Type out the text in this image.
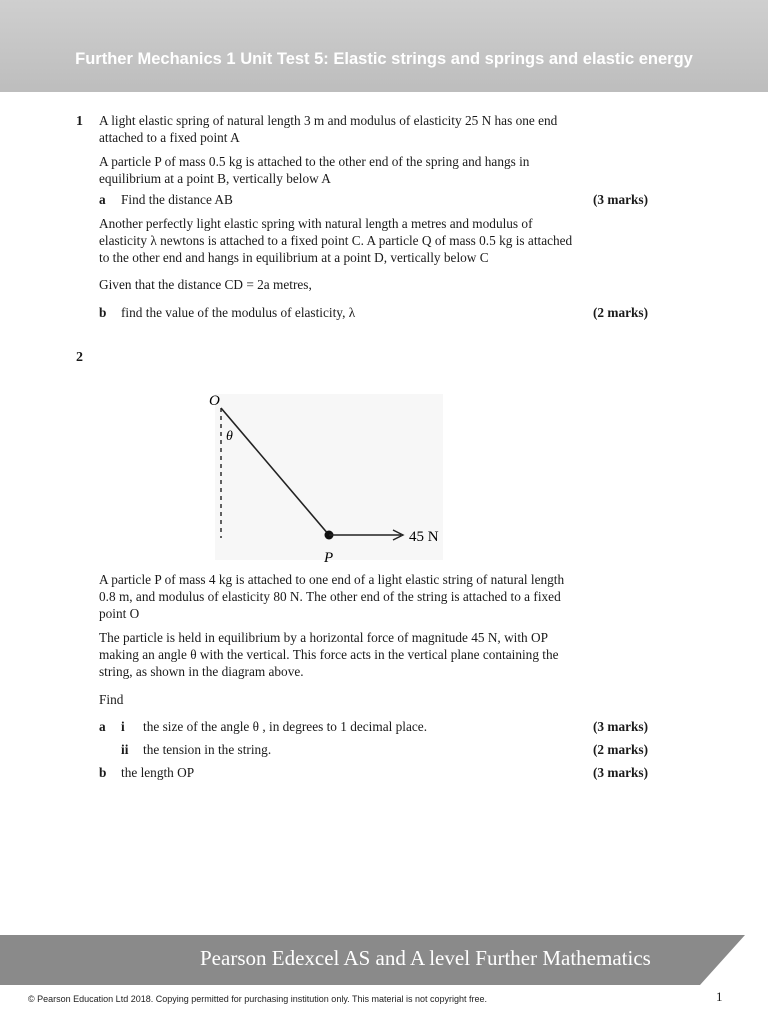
Further Mechanics 1 Unit Test 5: Elastic strings and springs and elastic energy
1 A light elastic spring of natural length 3 m and modulus of elasticity 25 N has one end attached to a fixed point A
A particle P of mass 0.5 kg is attached to the other end of the spring and hangs in equilibrium at a point B, vertically below A
a Find the distance AB	(3 marks)
Another perfectly light elastic spring with natural length a metres and modulus of elasticity λ newtons is attached to a fixed point C. A particle Q of mass 0.5 kg is attached to the other end and hangs in equilibrium at a point D, vertically below C
Given that the distance CD = 2a metres,
b find the value of the modulus of elasticity, λ	(2 marks)
2
O
θ
P
45 N
A particle P of mass 4 kg is attached to one end of a light elastic string of natural length 0.8 m, and modulus of elasticity 80 N. The other end of the string is attached to a fixed point O
The particle is held in equilibrium by a horizontal force of magnitude 45 N, with OP making an angle θ with the vertical. This force acts in the vertical plane containing the string, as shown in the diagram above.
Find
a i the size of the angle θ , in degrees to 1 decimal place.	(3 marks)
ii the tension in the string.	(2 marks)
b the length OP	(3 marks)
Pearson Edexcel AS and A level Further Mathematics
© Pearson Education Ltd 2018. Copying permitted for purchasing institution only. This material is not copyright free.	1
